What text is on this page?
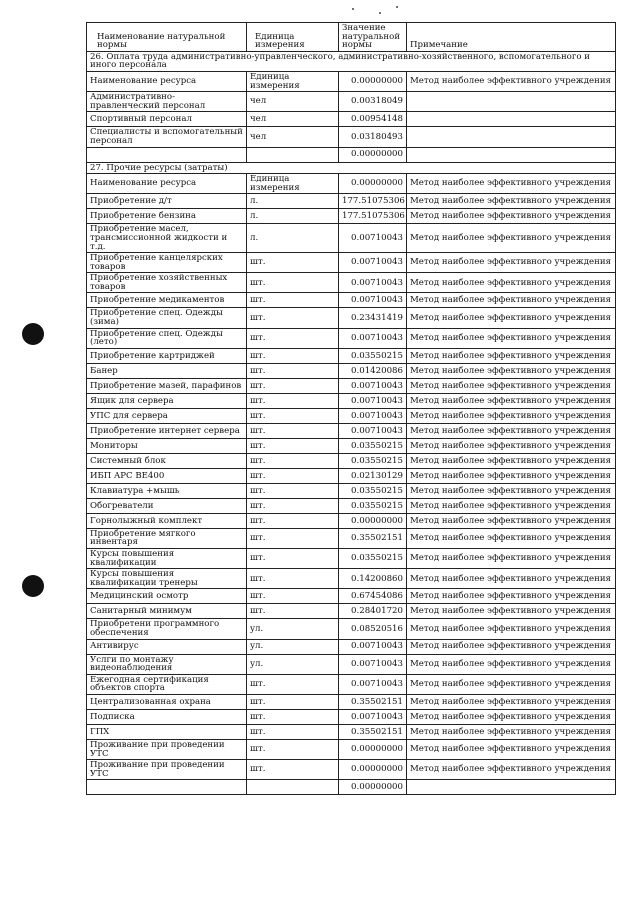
Наименование натуральной нормы	Единица измерения	Значение натуральной нормы	Примечание
26. Оплата труда административно-управленческого, административно-хозяйственного, вспомогательного и иного персонала			
Наименование ресурса	Единица измерения	0.00000000	Метод наиболее эффективного учреждения
Административно-правленческий персонал	чел	0.00318049	
Спортивный персонал	чел	0.00954148	
Специалисты и вспомогательный персонал	чел	0.03180493	
		0.00000000	
27. Прочие ресурсы (затраты)			
Наименование ресурса	Единица измерения	0.00000000	Метод наиболее эффективного учреждения
Приобретение д/т	л.	177.51075306	Метод наиболее эффективного учреждения
Приобретение бензина	л.	177.51075306	Метод наиболее эффективного учреждения
Приобретение масел, трансмиссионной жидкости и т.д.	л.	0.00710043	Метод наиболее эффективного учреждения
Приобретение канцелярских товаров	шт.	0.00710043	Метод наиболее эффективного учреждения
Приобретение хозяйственных товаров	шт.	0.00710043	Метод наиболее эффективного учреждения
Приобретение медикаментов	шт.	0.00710043	Метод наиболее эффективного учреждения
Приобретение спец. Одежды (зима)	шт.	0.23431419	Метод наиболее эффективного учреждения
Приобретение спец. Одежды (лето)	шт.	0.00710043	Метод наиболее эффективного учреждения
Приобретение картриджей	шт.	0.03550215	Метод наиболее эффективного учреждения
Банер	шт.	0.01420086	Метод наиболее эффективного учреждения
Приобретение мазей, парафинов	шт.	0.00710043	Метод наиболее эффективного учреждения
Ящик для сервера	шт.	0.00710043	Метод наиболее эффективного учреждения
УПС для сервера	шт.	0.00710043	Метод наиболее эффективного учреждения
Приобретение интернет сервера	шт.	0.00710043	Метод наиболее эффективного учреждения
Мониторы	шт.	0.03550215	Метод наиболее эффективного учреждения
Системный блок	шт.	0.03550215	Метод наиболее эффективного учреждения
ИБП APC BE400	шт.	0.02130129	Метод наиболее эффективного учреждения
Клавиатура +мышь	шт.	0.03550215	Метод наиболее эффективного учреждения
Обогреватели	шт.	0.03550215	Метод наиболее эффективного учреждения
Горнолыжный комплект	шт.	0.00000000	Метод наиболее эффективного учреждения
Приобретение мягкого инвентаря	шт.	0.35502151	Метод наиболее эффективного учреждения
Курсы повышения квалификации	шт.	0.03550215	Метод наиболее эффективного учреждения
Курсы повышения квалификации тренеры	шт.	0.14200860	Метод наиболее эффективного учреждения
Медицинский осмотр	шт.	0.67454086	Метод наиболее эффективного учреждения
Санитарный минимум	шт.	0.28401720	Метод наиболее эффективного учреждения
Приобретени программного обеспечения	ул.	0.08520516	Метод наиболее эффективного учреждения
Антивирус	ул.	0.00710043	Метод наиболее эффективного учреждения
Услги по монтажу видеонаблюдения	ул.	0.00710043	Метод наиболее эффективного учреждения
Ежегодная сертификация объектов спорта	шт.	0.00710043	Метод наиболее эффективного учреждения
Централизованная охрана	шт.	0.35502151	Метод наиболее эффективного учреждения
Подписка	шт.	0.00710043	Метод наиболее эффективного учреждения
ГПХ	шт.	0.35502151	Метод наиболее эффективного учреждения
Проживание при проведении УТС	шт.	0.00000000	Метод наиболее эффективного учреждения
Проживание при проведении УТС	шт.	0.00000000	Метод наиболее эффективного учреждения
		0.00000000	
